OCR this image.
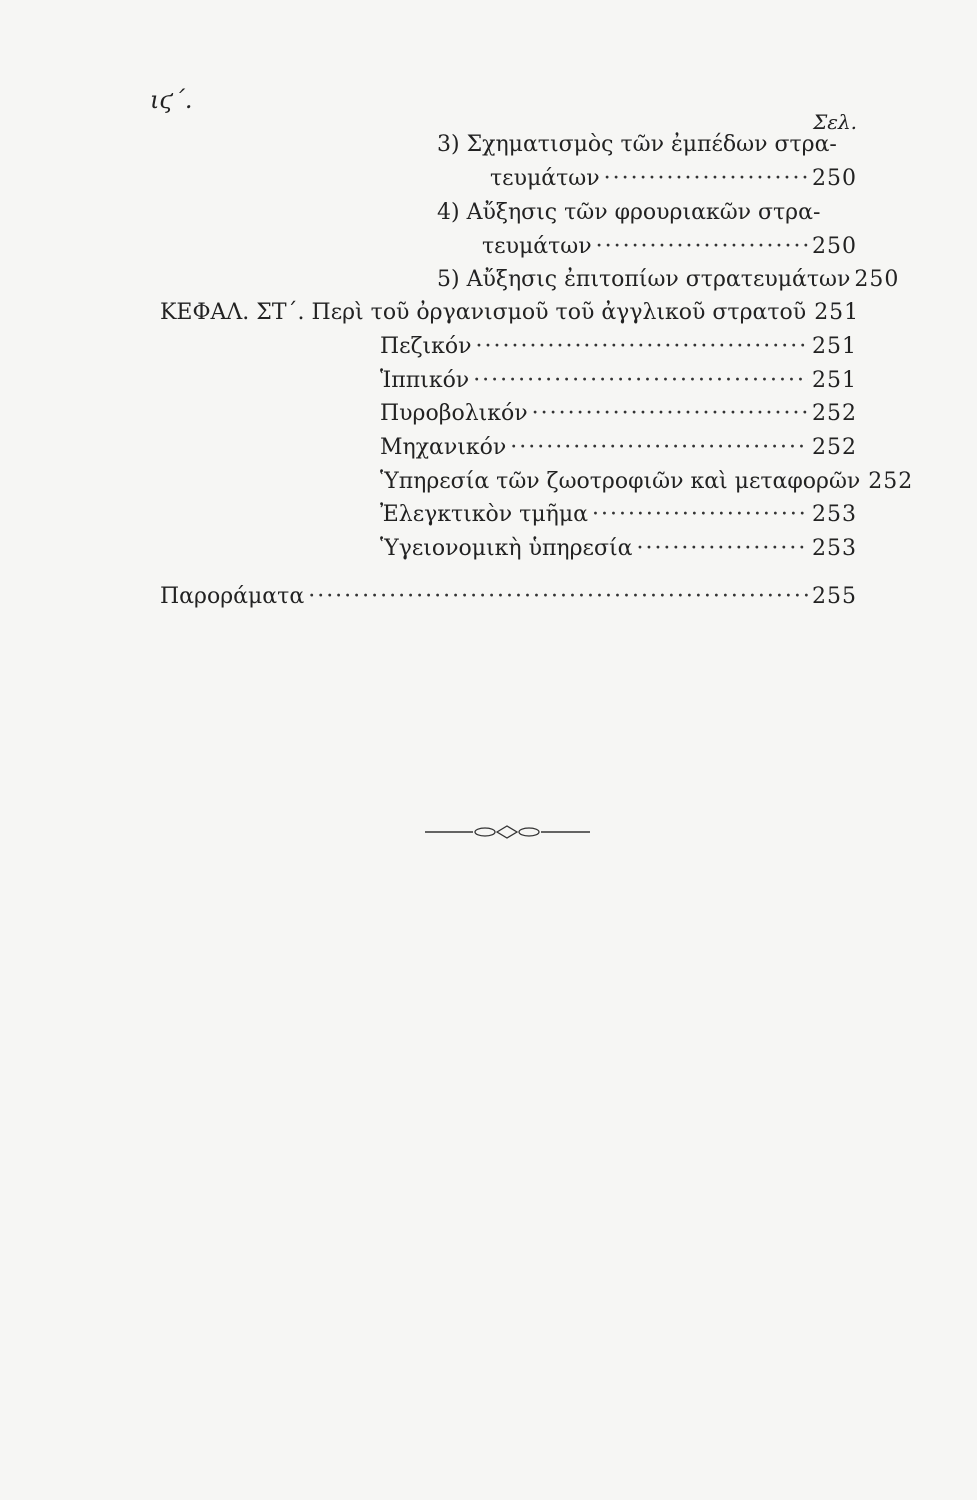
ιϛ΄.
Σελ.
3) Σχηματισμὸς τῶν ἐμπέδων στρα-
τευμάτων ·····	250
4) Αὔξησις τῶν φρουριακῶν στρα-
τευμάτων ·····	250
5) Αὔξησις ἐπιτοπίων στρατευμάτων 250
ΚΕΦΑΛ. ΣΤ΄. Περὶ τοῦ ὀργανισμοῦ τοῦ ἀγγλικοῦ στρατοῦ 251
Πεζικόν ·····	251
Ἱππικόν ·····	251
Πυροβολικόν ·····	252
Μηχανικόν ·····	252
Ὑπηρεσία τῶν ζωοτροφιῶν καὶ μεταφορῶν 252
Ἐλεγκτικὸν τμῆμα ·····	253
Ὑγειονομικὴ ὑπηρεσία ·····	253
Παροράματα ·····	255
